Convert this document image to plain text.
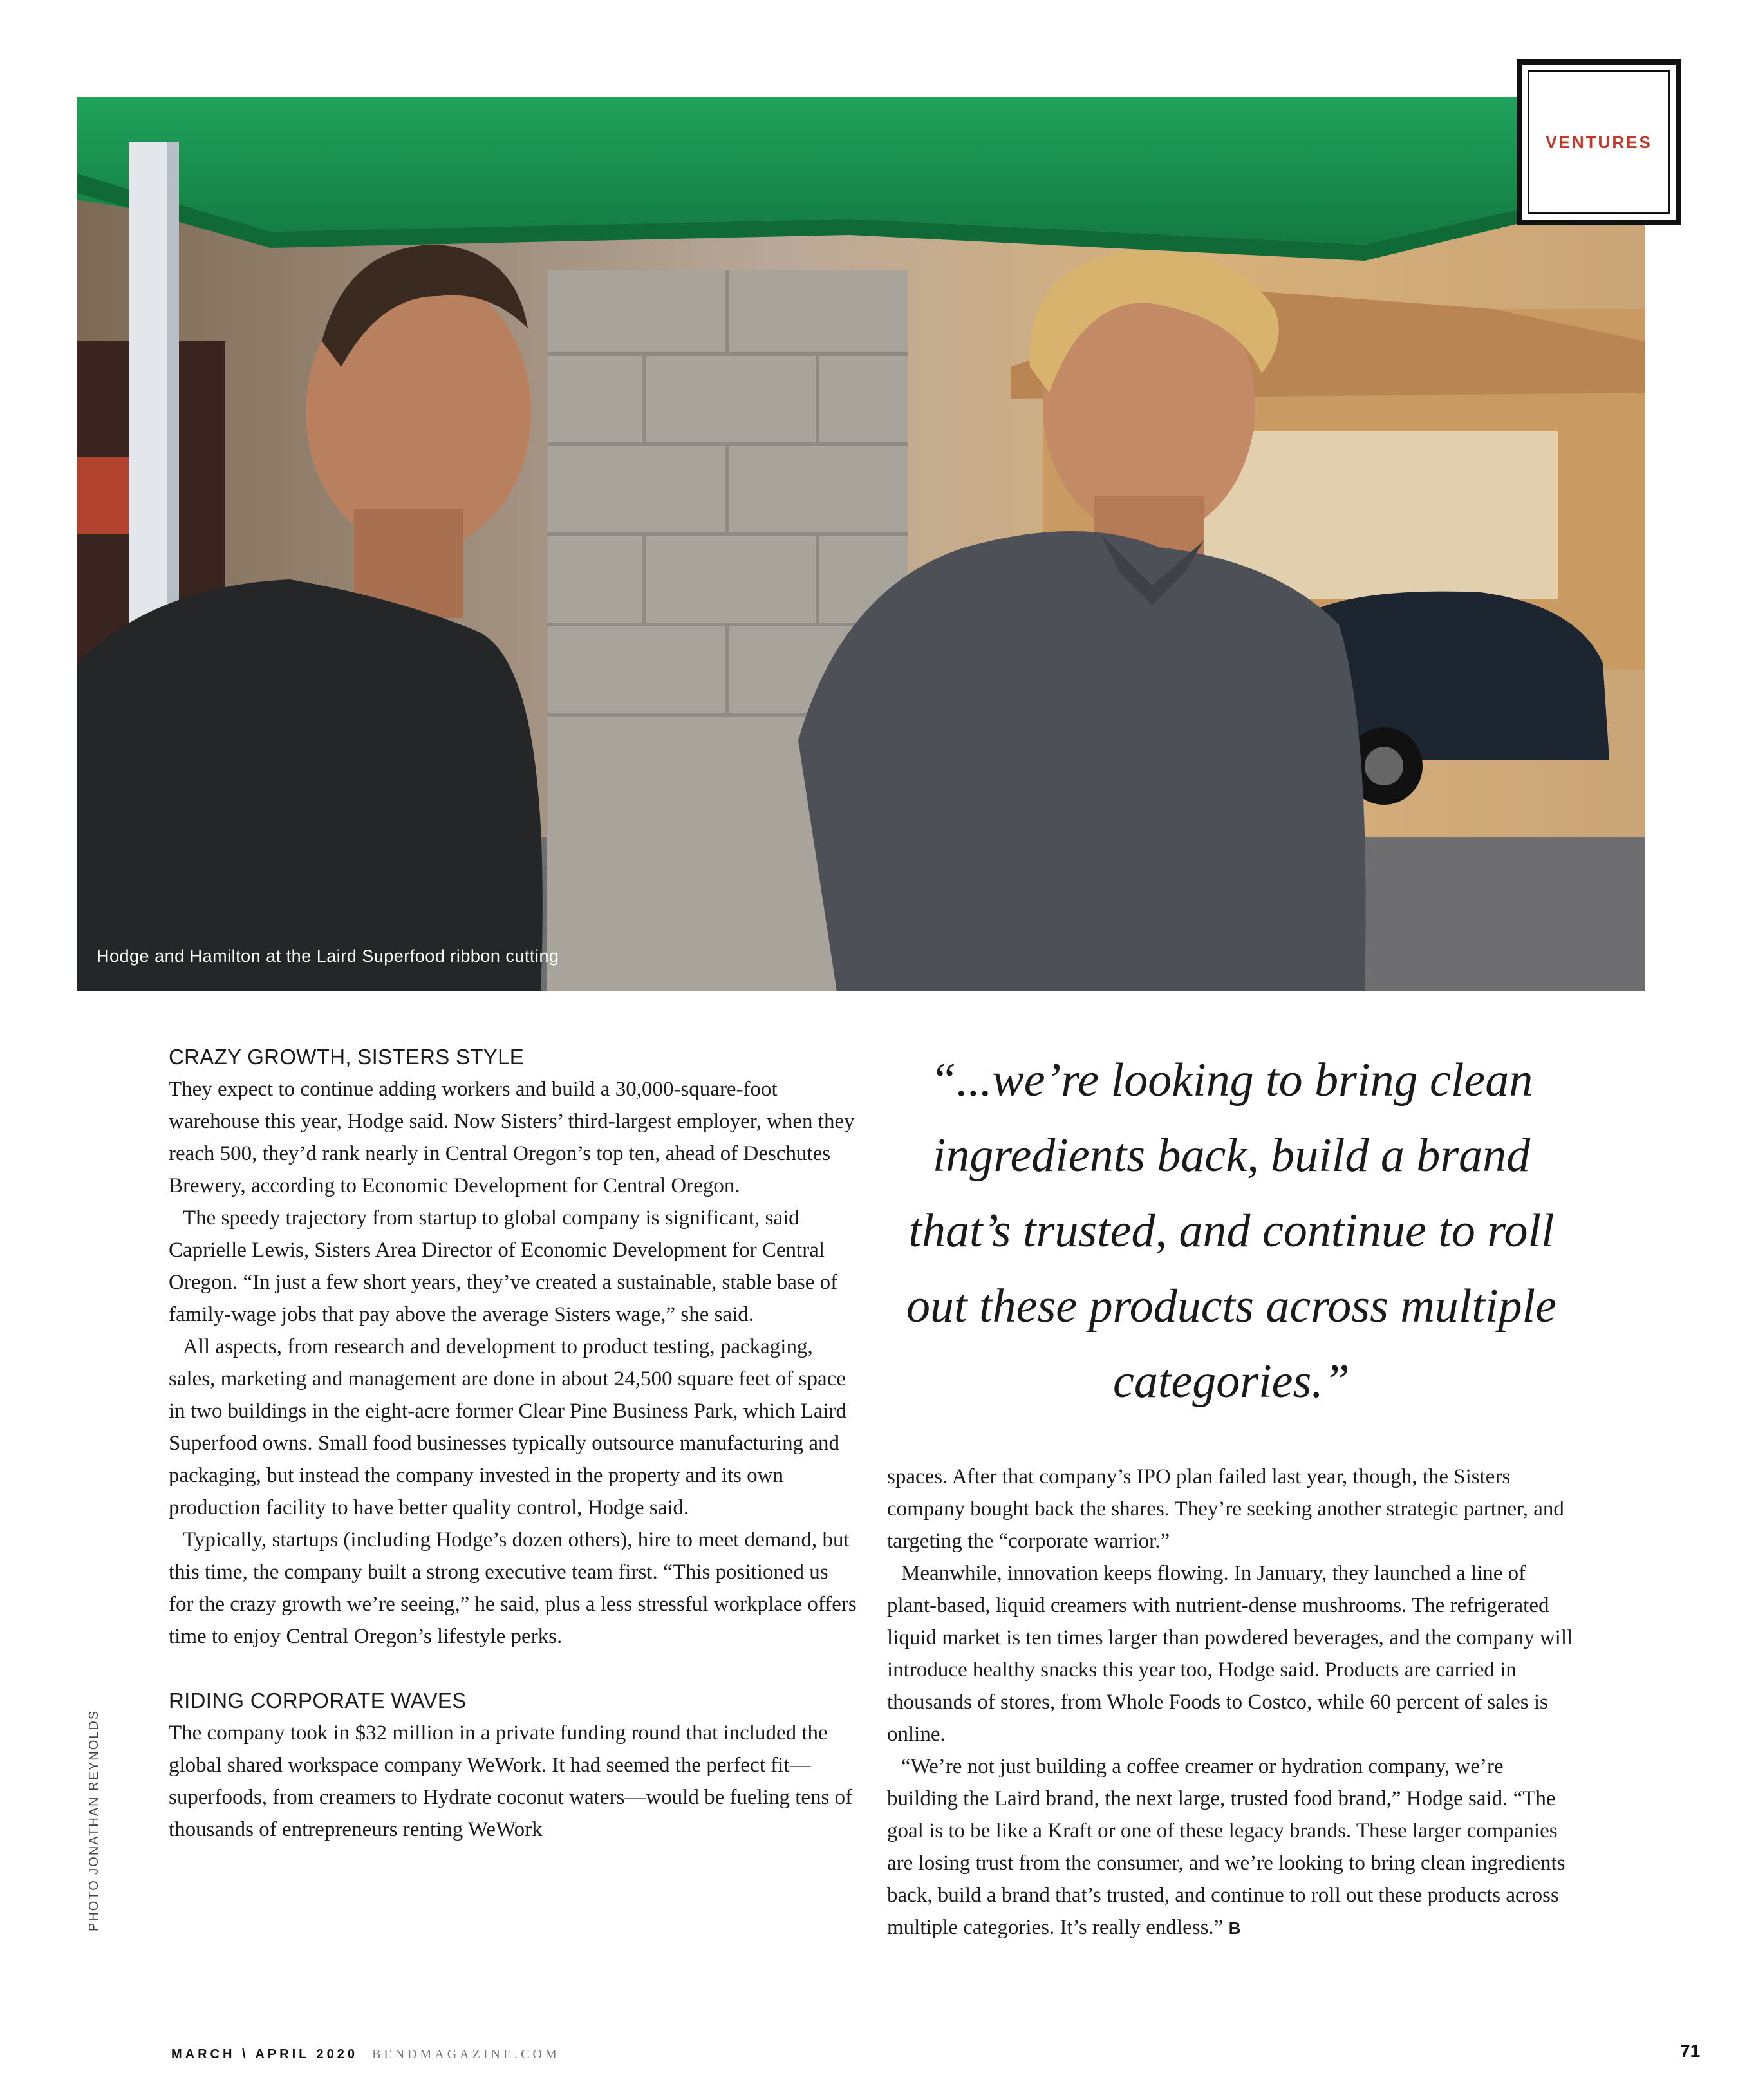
Hodge and Hamilton at the Laird Superfood ribbon cutting
VENTURES
CRAZY GROWTH, SISTERS STYLE

They expect to continue adding workers and build a 30,000-square-foot warehouse this year, Hodge said. Now Sisters’ third-largest employer, when they reach 500, they’d rank nearly in Central Oregon’s top ten, ahead of Deschutes Brewery, according to Economic Development for Central Oregon.

The speedy trajectory from startup to global company is significant, said Caprielle Lewis, Sisters Area Director of Economic Development for Central Oregon. “In just a few short years, they’ve created a sustainable, stable base of family-wage jobs that pay above the average Sisters wage,” she said.

All aspects, from research and development to product testing, packaging, sales, marketing and management are done in about 24,500 square feet of space in two buildings in the eight-acre former Clear Pine Business Park, which Laird Superfood owns. Small food businesses typically outsource manufacturing and packaging, but instead the company invested in the property and its own production facility to have better quality control, Hodge said.

Typically, startups (including Hodge’s dozen others), hire to meet demand, but this time, the company built a strong executive team first. “This positioned us for the crazy growth we’re seeing,” he said, plus a less stressful workplace offers time to enjoy Central Oregon’s lifestyle perks.

RIDING CORPORATE WAVES

The company took in $32 million in a private funding round that included the global shared workspace company WeWork. It had seemed the perfect fit—superfoods, from creamers to Hydrate coconut waters—would be fueling tens of thousands of entrepreneurs renting WeWork

“...we’re looking to bring clean ingredients back, build a brand that’s trusted, and continue to roll out these products across multiple categories.”

spaces. After that company’s IPO plan failed last year, though, the Sisters company bought back the shares. They’re seeking another strategic partner, and targeting the “corporate warrior.”

Meanwhile, innovation keeps flowing. In January, they launched a line of plant-based, liquid creamers with nutrient-dense mushrooms. The refrigerated liquid market is ten times larger than powdered beverages, and the company will introduce healthy snacks this year too, Hodge said. Products are carried in thousands of stores, from Whole Foods to Costco, while 60 percent of sales is online.

“We’re not just building a coffee creamer or hydration company, we’re building the Laird brand, the next large, trusted food brand,” Hodge said. “The goal is to be like a Kraft or one of these legacy brands. These larger companies are losing trust from the consumer, and we’re looking to bring clean ingredients back, build a brand that’s trusted, and continue to roll out these products across multiple categories. It’s really endless.” B

PHOTO JONATHAN REYNOLDS
MARCH \ APRIL 2020 BENDMAGAZINE.COM	71
